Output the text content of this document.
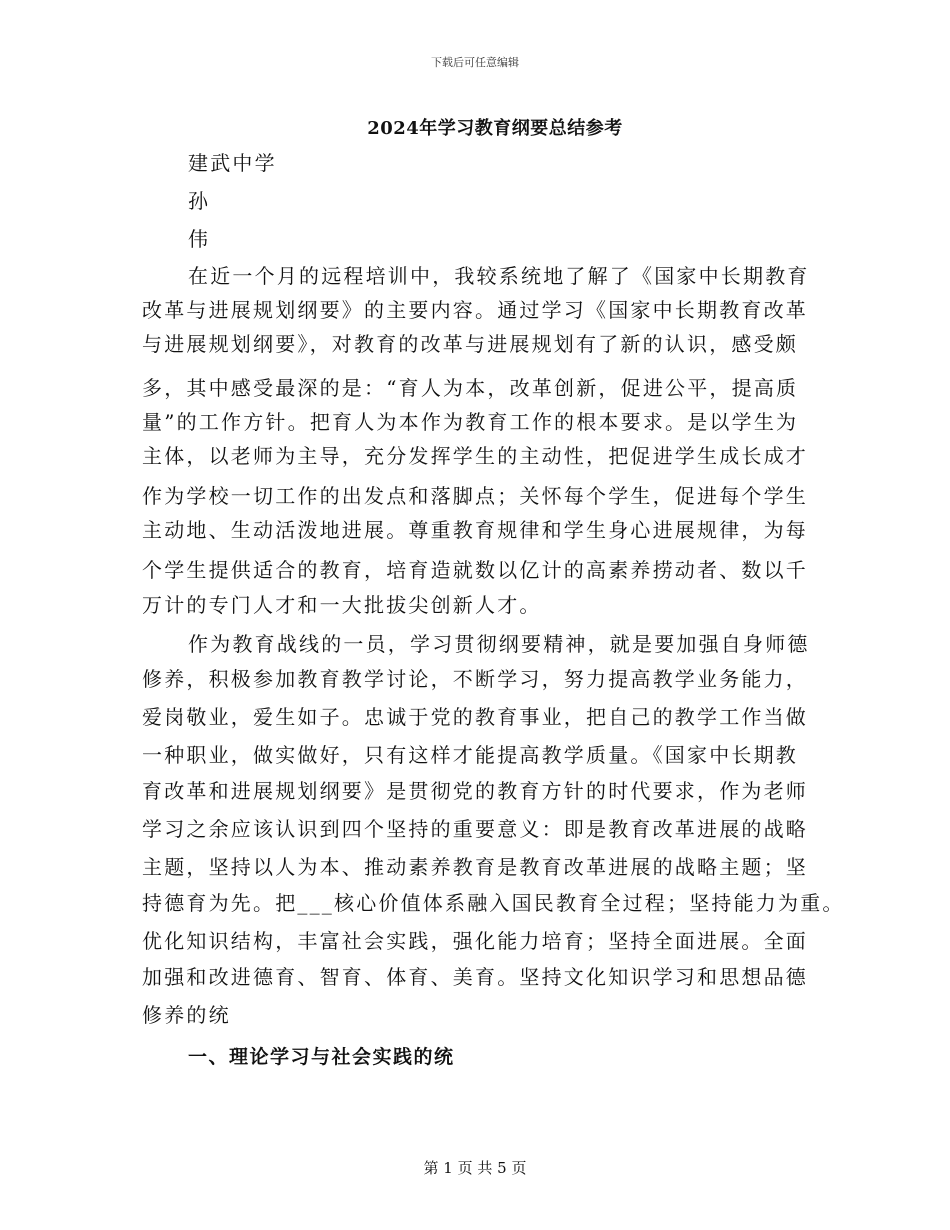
下载后可任意编辑
2024年学习教育纲要总结参考
建武中学
孙
伟
在近一个月的远程培训中，我较系统地了解了《国家中长期教育
改革与进展规划纲要》的主要内容。通过学习《国家中长期教育改革
与进展规划纲要》，对教育的改革与进展规划有了新的认识，感受颇
多，其中感受最深的是：“育人为本，改革创新，促进公平，提高质
量”的工作方针。把育人为本作为教育工作的根本要求。是以学生为
主体，以老师为主导，充分发挥学生的主动性，把促进学生成长成才
作为学校一切工作的出发点和落脚点；关怀每个学生，促进每个学生
主动地、生动活泼地进展。尊重教育规律和学生身心进展规律，为每
个学生提供适合的教育，培育造就数以亿计的高素养捞动者、数以千
万计的专门人才和一大批拔尖创新人才。
作为教育战线的一员，学习贯彻纲要精神，就是要加强自身师德
修养，积极参加教育教学讨论，不断学习，努力提高教学业务能力，
爱岗敬业，爱生如子。忠诚于党的教育事业，把自己的教学工作当做
一种职业，做实做好，只有这样才能提高教学质量。《国家中长期教
育改革和进展规划纲要》是贯彻党的教育方针的时代要求，作为老师
学习之余应该认识到四个坚持的重要意义：即是教育改革进展的战略
主题，坚持以人为本、推动素养教育是教育改革进展的战略主题；坚
持德育为先。把___核心价值体系融入国民教育全过程；坚持能力为重。
优化知识结构，丰富社会实践，强化能力培育；坚持全面进展。全面
加强和改进德育、智育、体育、美育。坚持文化知识学习和思想品德
修养的统
一、理论学习与社会实践的统
第 1 页 共 5 页
